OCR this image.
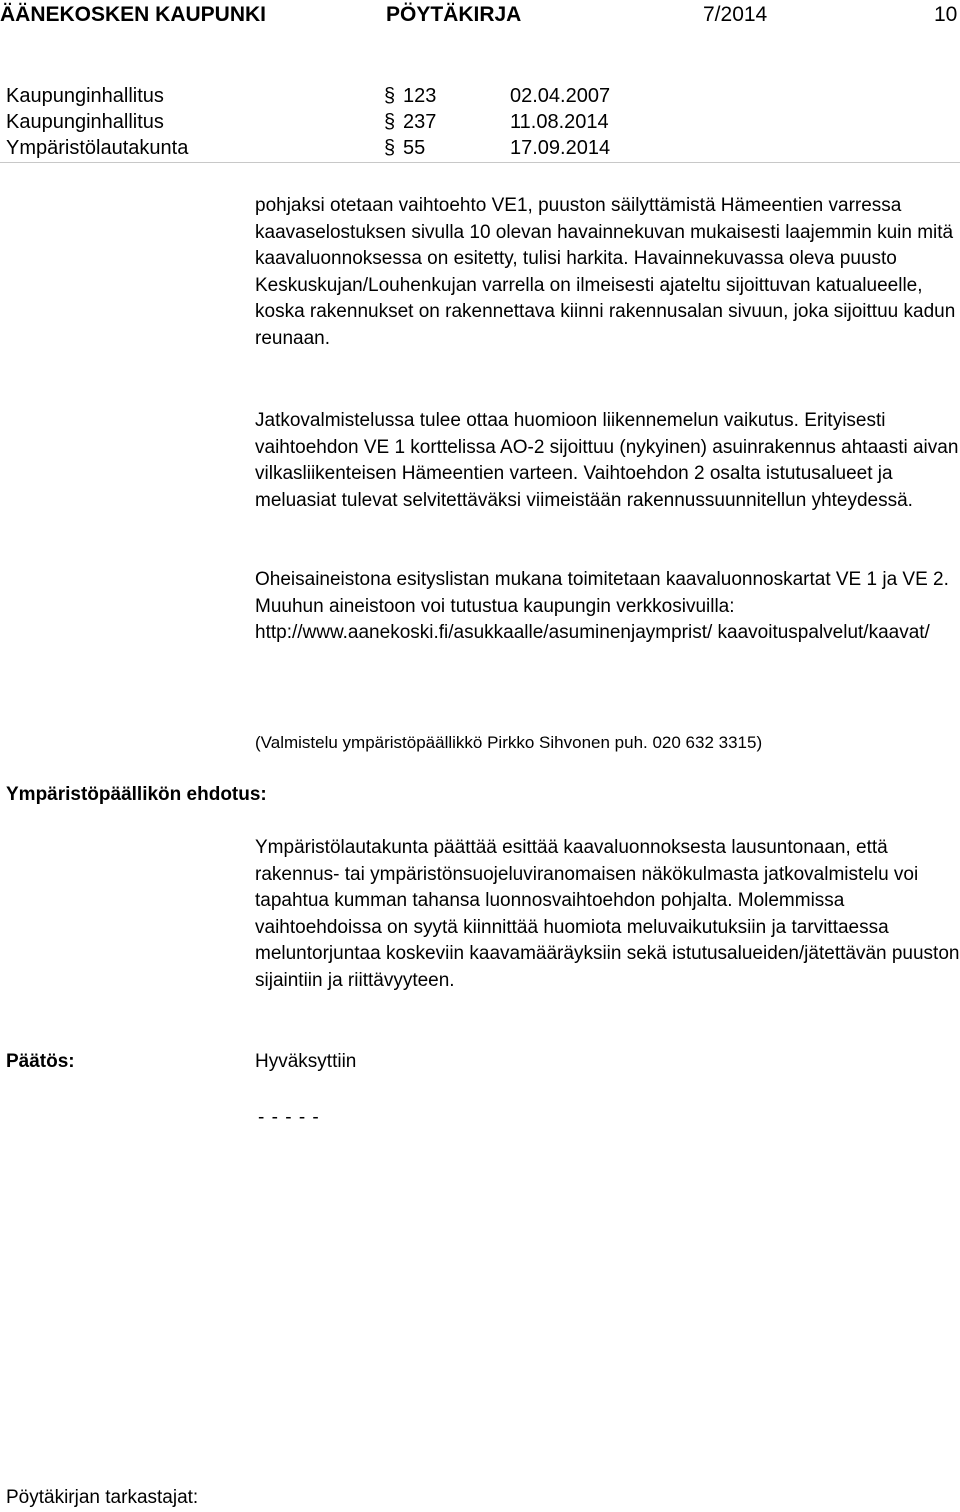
ÄÄNEKOSKEN KAUPUNKI	PÖYTÄKIRJA	7/2014	10
Kaupunginhallitus	§ 123	02.04.2007
Kaupunginhallitus	§ 237	11.08.2014
Ympäristölautakunta	§ 55	17.09.2014

pohjaksi otetaan vaihtoehto VE1, puuston säilyttämistä Hämeentien varressa kaavaselostuksen sivulla 10 olevan havainnekuvan mukaisesti laajemmin kuin mitä kaavaluonnoksessa on esitetty, tulisi harkita. Havainnekuvassa oleva puusto Keskuskujan/Louhenkujan varrella on ilmeisesti ajateltu sijoittuvan katualueelle, koska rakennukset on rakennettava kiinni rakennusalan sivuun, joka sijoittuu kadun reunaan.

Jatkovalmistelussa tulee ottaa huomioon liikennemelun vaikutus. Erityisesti vaihtoehdon VE 1 korttelissa AO-2 sijoittuu (nykyinen) asuinrakennus ahtaasti aivan vilkasliikenteisen Hämeentien varteen. Vaihtoehdon 2 osalta istutusalueet ja meluasiat tulevat selvitettäväksi viimeistään rakennussuunnitellun yhteydessä.

Oheisaineistona esityslistan mukana toimitetaan kaavaluonnoskartat VE 1 ja VE 2. Muuhun aineistoon voi tutustua kaupungin verkkosivuilla: http://www.aanekoski.fi/asukkaalle/asuminenjaymprist/ kaavoituspalvelut/kaavat/

(Valmistelu ympäristöpäällikkö Pirkko Sihvonen puh. 020 632 3315)

Ympäristöpäällikön ehdotus:

Ympäristölautakunta päättää esittää kaavaluonnoksesta lausuntonaan, että rakennus- tai ympäristönsuojeluviranomaisen näkökulmasta jatkovalmistelu voi tapahtua kumman tahansa luonnosvaihtoehdon pohjalta. Molemmissa vaihtoehdoissa on syytä kiinnittää huomiota meluvaikutuksiin ja tarvittaessa meluntorjuntaa koskeviin kaavamääräyksiin sekä istutusalueiden/jätettävän puuston sijaintiin ja riittävyyteen.

Päätös:	Hyväksyttiin

- - - - -

Pöytäkirjan tarkastajat:
